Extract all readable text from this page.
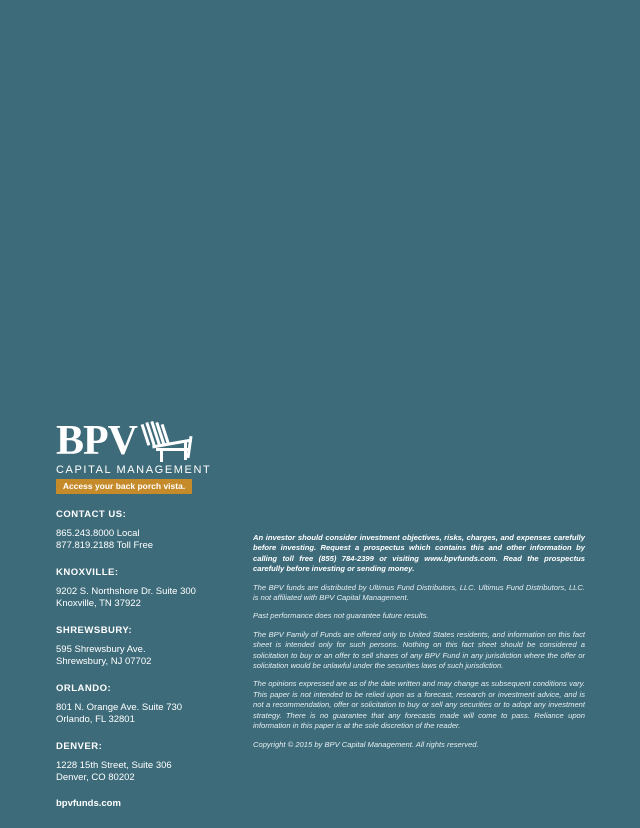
BPV
CAPITAL MANAGEMENT
Access your back porch vista.
CONTACT US:
865.243.8000 Local
877.819.2188 Toll Free
KNOXVILLE:
9202 S. Northshore Dr. Suite 300
Knoxville, TN 37922
SHREWSBURY:
595 Shrewsbury Ave.
Shrewsbury, NJ 07702
ORLANDO:
801 N. Orange Ave. Suite 730
Orlando, FL 32801
DENVER:
1228 15th Street, Suite 306
Denver, CO 80202
bpvfunds.com

An investor should consider investment objectives, risks, charges, and expenses carefully before investing. Request a prospectus which contains this and other information by calling toll free (855) 784-2399 or visiting www.bpvfunds.com. Read the prospectus carefully before investing or sending money.

The BPV funds are distributed by Ultimus Fund Distributors, LLC. Ultimus Fund Distributors, LLC. is not affiliated with BPV Capital Management.

Past performance does not guarantee future results.

The BPV Family of Funds are offered only to United States residents, and information on this fact sheet is intended only for such persons. Nothing on this fact sheet should be considered a solicitation to buy or an offer to sell shares of any BPV Fund in any jurisdiction where the offer or solicitation would be unlawful under the securities laws of such jurisdiction.

The opinions expressed are as of the date written and may change as subsequent conditions vary. This paper is not intended to be relied upon as a forecast, research or investment advice, and is not a recommendation, offer or solicitation to buy or sell any securities or to adopt any investment strategy. There is no guarantee that any forecasts made will come to pass. Reliance upon information in this paper is at the sole discretion of the reader.

Copyright © 2015 by BPV Capital Management. All rights reserved.
